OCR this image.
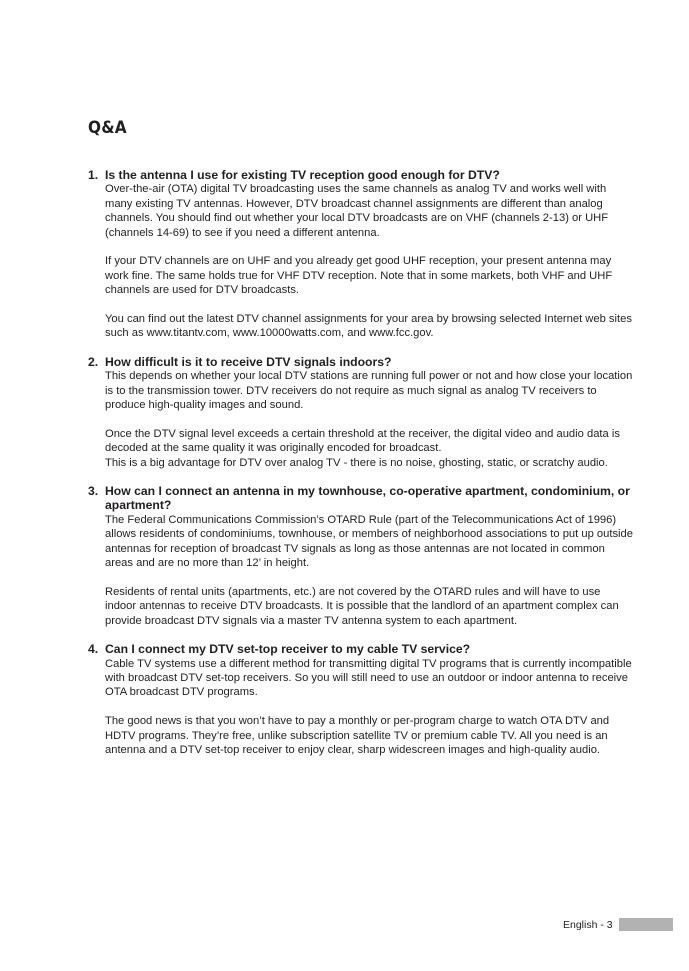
Q&A
1. Is the antenna I use for existing TV reception good enough for DTV?

Over-the-air (OTA) digital TV broadcasting uses the same channels as analog TV and works well with many existing TV antennas. However, DTV broadcast channel assignments are different than analog channels. You should find out whether your local DTV broadcasts are on VHF (channels 2-13) or UHF (channels 14-69) to see if you need a different antenna.

If your DTV channels are on UHF and you already get good UHF reception, your present antenna may work fine. The same holds true for VHF DTV reception. Note that in some markets, both VHF and UHF channels are used for DTV broadcasts.

You can find out the latest DTV channel assignments for your area by browsing selected Internet web sites such as www.titantv.com, www.10000watts.com, and www.fcc.gov.

2. How difficult is it to receive DTV signals indoors?

This depends on whether your local DTV stations are running full power or not and how close your location is to the transmission tower. DTV receivers do not require as much signal as analog TV receivers to produce high-quality images and sound.

Once the DTV signal level exceeds a certain threshold at the receiver, the digital video and audio data is decoded at the same quality it was originally encoded for broadcast.

This is a big advantage for DTV over analog TV - there is no noise, ghosting, static, or scratchy audio.

3. How can I connect an antenna in my townhouse, co-operative apartment, condominium, or apartment?

The Federal Communications Commission’s OTARD Rule (part of the Telecommunications Act of 1996) allows residents of condominiums, townhouse, or members of neighborhood associations to put up outside antennas for reception of broadcast TV signals as long as those antennas are not located in common areas and are no more than 12’ in height.

Residents of rental units (apartments, etc.) are not covered by the OTARD rules and will have to use indoor antennas to receive DTV broadcasts. It is possible that the landlord of an apartment complex can provide broadcast DTV signals via a master TV antenna system to each apartment.

4. Can I connect my DTV set-top receiver to my cable TV service?

Cable TV systems use a different method for transmitting digital TV programs that is currently incompatible with broadcast DTV set-top receivers. So you will still need to use an outdoor or indoor antenna to receive OTA broadcast DTV programs.

The good news is that you won’t have to pay a monthly or per-program charge to watch OTA DTV and HDTV programs. They’re free, unlike subscription satellite TV or premium cable TV. All you need is an antenna and a DTV set-top receiver to enjoy clear, sharp widescreen images and high-quality audio.

English - 3
